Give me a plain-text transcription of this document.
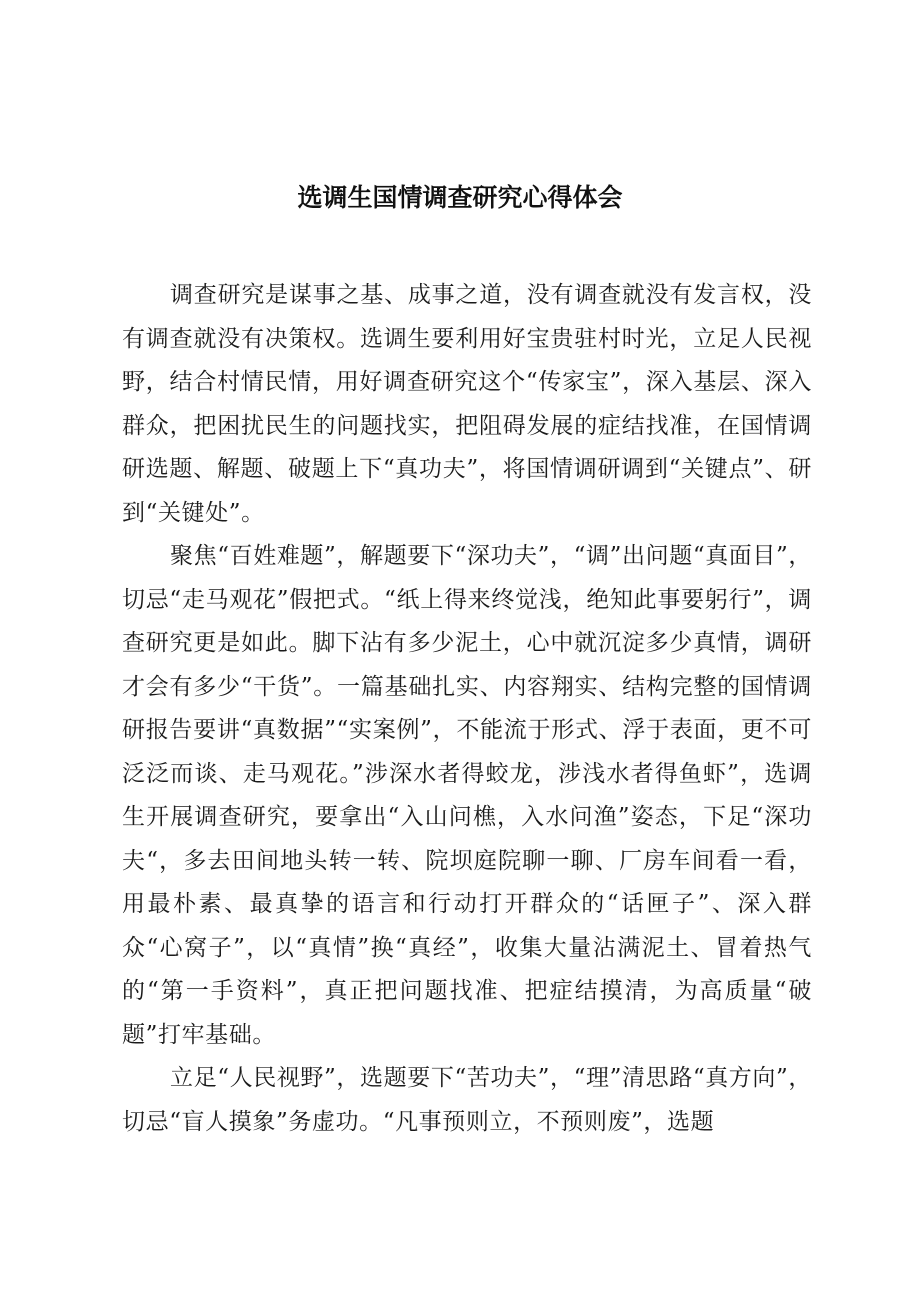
选调生国情调查研究心得体会

调查研究是谋事之基、成事之道，没有调查就没有发言权，没有调查就没有决策权。选调生要利用好宝贵驻村时光，立足人民视野，结合村情民情，用好调查研究这个“传家宝”，深入基层、深入群众，把困扰民生的问题找实，把阻碍发展的症结找准，在国情调研选题、解题、破题上下“真功夫”，将国情调研调到“关键点”、研到“关键处”。

聚焦“百姓难题”，解题要下“深功夫”，“调”出问题“真面目”，切忌“走马观花”假把式。“纸上得来终觉浅，绝知此事要躬行”，调查研究更是如此。脚下沾有多少泥土，心中就沉淀多少真情，调研才会有多少“干货”。一篇基础扎实、内容翔实、结构完整的国情调研报告要讲“真数据”“实案例”，不能流于形式、浮于表面，更不可泛泛而谈、走马观花。”涉深水者得蛟龙，涉浅水者得鱼虾”，选调生开展调查研究，要拿出“入山问樵，入水问渔”姿态，下足“深功夫“，多去田间地头转一转、院坝庭院聊一聊、厂房车间看一看，用最朴素、最真挚的语言和行动打开群众的“话匣子”、深入群众“心窝子”，以“真情”换“真经”，收集大量沾满泥土、冒着热气的“第一手资料”，真正把问题找准、把症结摸清，为高质量“破题”打牢基础。

立足“人民视野”，选题要下“苦功夫”，“理”清思路“真方向”，切忌“盲人摸象”务虚功。“凡事预则立，不预则废”，选题
